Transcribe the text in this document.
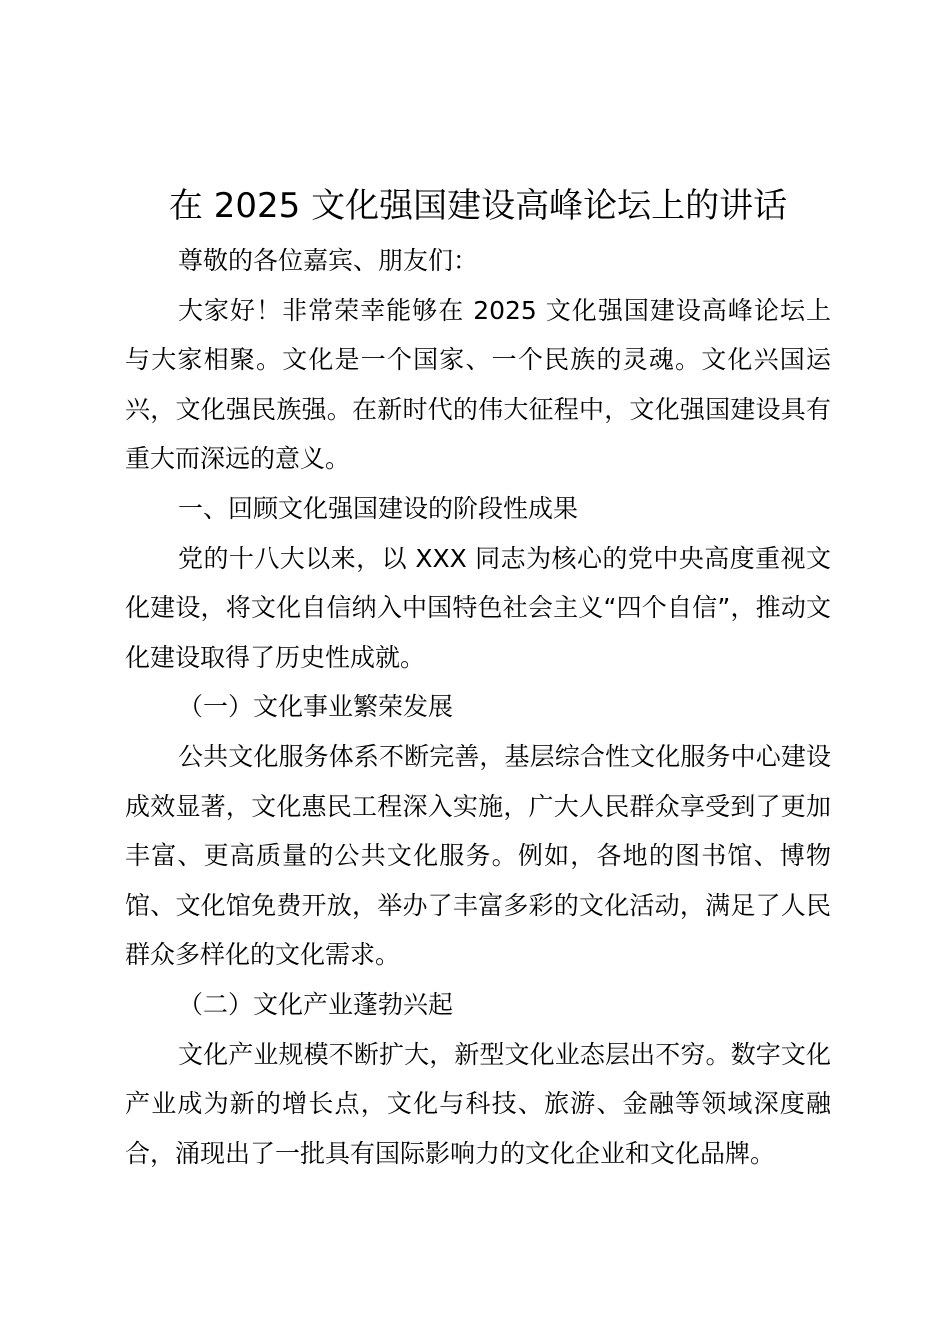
在 2025 文化强国建设高峰论坛上的讲话

尊敬的各位嘉宾、朋友们：

大家好！非常荣幸能够在 2025 文化强国建设高峰论坛上与大家相聚。文化是一个国家、一个民族的灵魂。文化兴国运兴，文化强民族强。在新时代的伟大征程中，文化强国建设具有重大而深远的意义。

一、回顾文化强国建设的阶段性成果

党的十八大以来，以 XXX 同志为核心的党中央高度重视文化建设，将文化自信纳入中国特色社会主义“四个自信”，推动文化建设取得了历史性成就。

（一）文化事业繁荣发展

公共文化服务体系不断完善，基层综合性文化服务中心建设成效显著，文化惠民工程深入实施，广大人民群众享受到了更加丰富、更高质量的公共文化服务。例如，各地的图书馆、博物馆、文化馆免费开放，举办了丰富多彩的文化活动，满足了人民群众多样化的文化需求。

（二）文化产业蓬勃兴起

文化产业规模不断扩大，新型文化业态层出不穷。数字文化产业成为新的增长点，文化与科技、旅游、金融等领域深度融合，涌现出了一批具有国际影响力的文化企业和文化品牌。
